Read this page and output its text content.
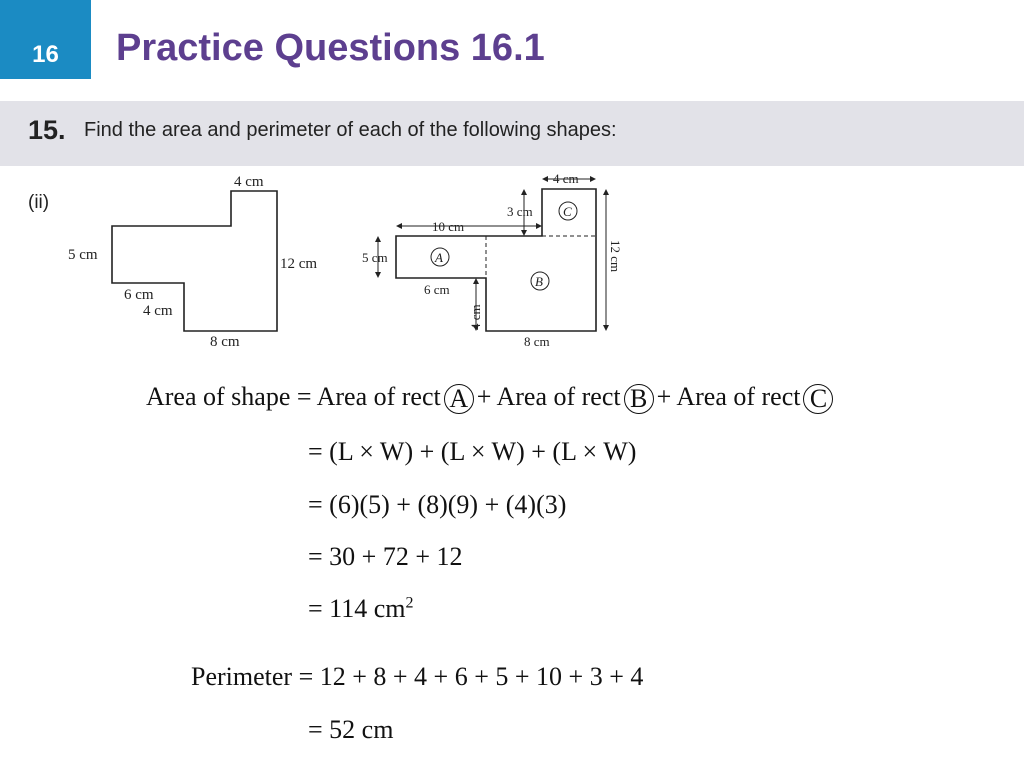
16	Practice Questions 16.1
15. Find the area and perimeter of each of the following shapes:
(ii)
4 cm
5 cm
12 cm
6 cm
4 cm
8 cm
4 cm
3 cm
10 cm
5 cm
6 cm
8 cm
12 cm
4 cm
A
B
C
Area of shape = Area of rect A + Area of rect B + Area of rect C
= (L × W) + (L × W) + (L × W)
= (6)(5) + (8)(9) + (4)(3)
= 30 + 72 + 12
= 114 $cm^2$
Perimeter = 12 + 8 + 4 + 6 + 5 + 10 + 3 + 4
= 52 cm
